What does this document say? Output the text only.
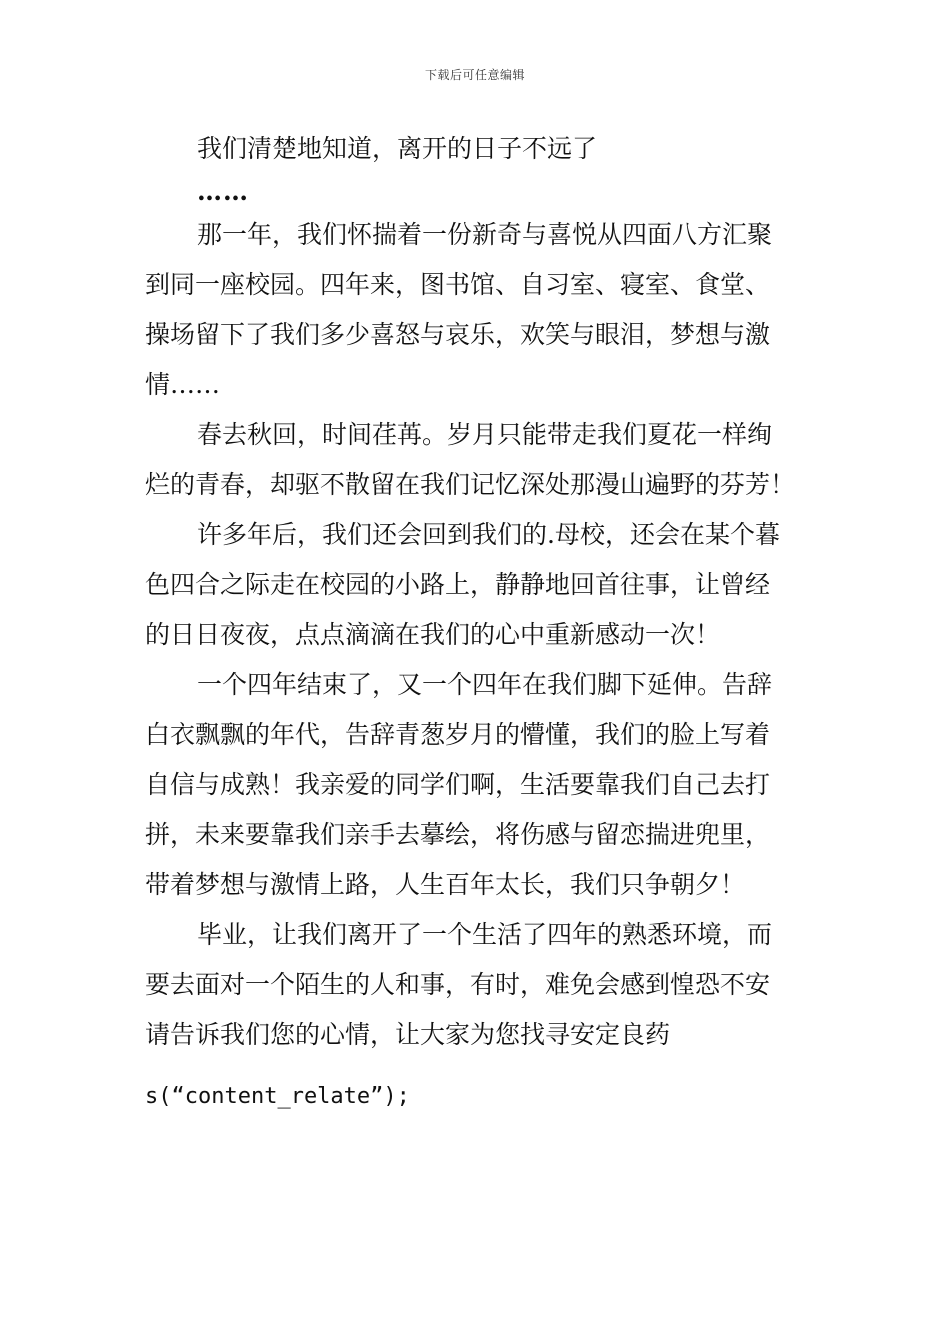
下载后可任意编辑
我们清楚地知道，离开的日子不远了
……
那一年，我们怀揣着一份新奇与喜悦从四面八方汇聚
到同一座校园。四年来，图书馆、自习室、寝室、食堂、
操场留下了我们多少喜怒与哀乐，欢笑与眼泪，梦想与激
情……
春去秋回，时间荏苒。岁月只能带走我们夏花一样绚
烂的青春，却驱不散留在我们记忆深处那漫山遍野的芬芳！
许多年后，我们还会回到我们的.母校，还会在某个暮
色四合之际走在校园的小路上，静静地回首往事，让曾经
的日日夜夜，点点滴滴在我们的心中重新感动一次！
一个四年结束了，又一个四年在我们脚下延伸。告辞
白衣飘飘的年代，告辞青葱岁月的懵懂，我们的脸上写着
自信与成熟！我亲爱的同学们啊，生活要靠我们自己去打
拼，未来要靠我们亲手去摹绘，将伤感与留恋揣进兜里，
带着梦想与激情上路，人生百年太长，我们只争朝夕！
毕业，让我们离开了一个生活了四年的熟悉环境，而
要去面对一个陌生的人和事，有时，难免会感到惶恐不安
请告诉我们您的心情，让大家为您找寻安定良药
s(“content_relate”);
